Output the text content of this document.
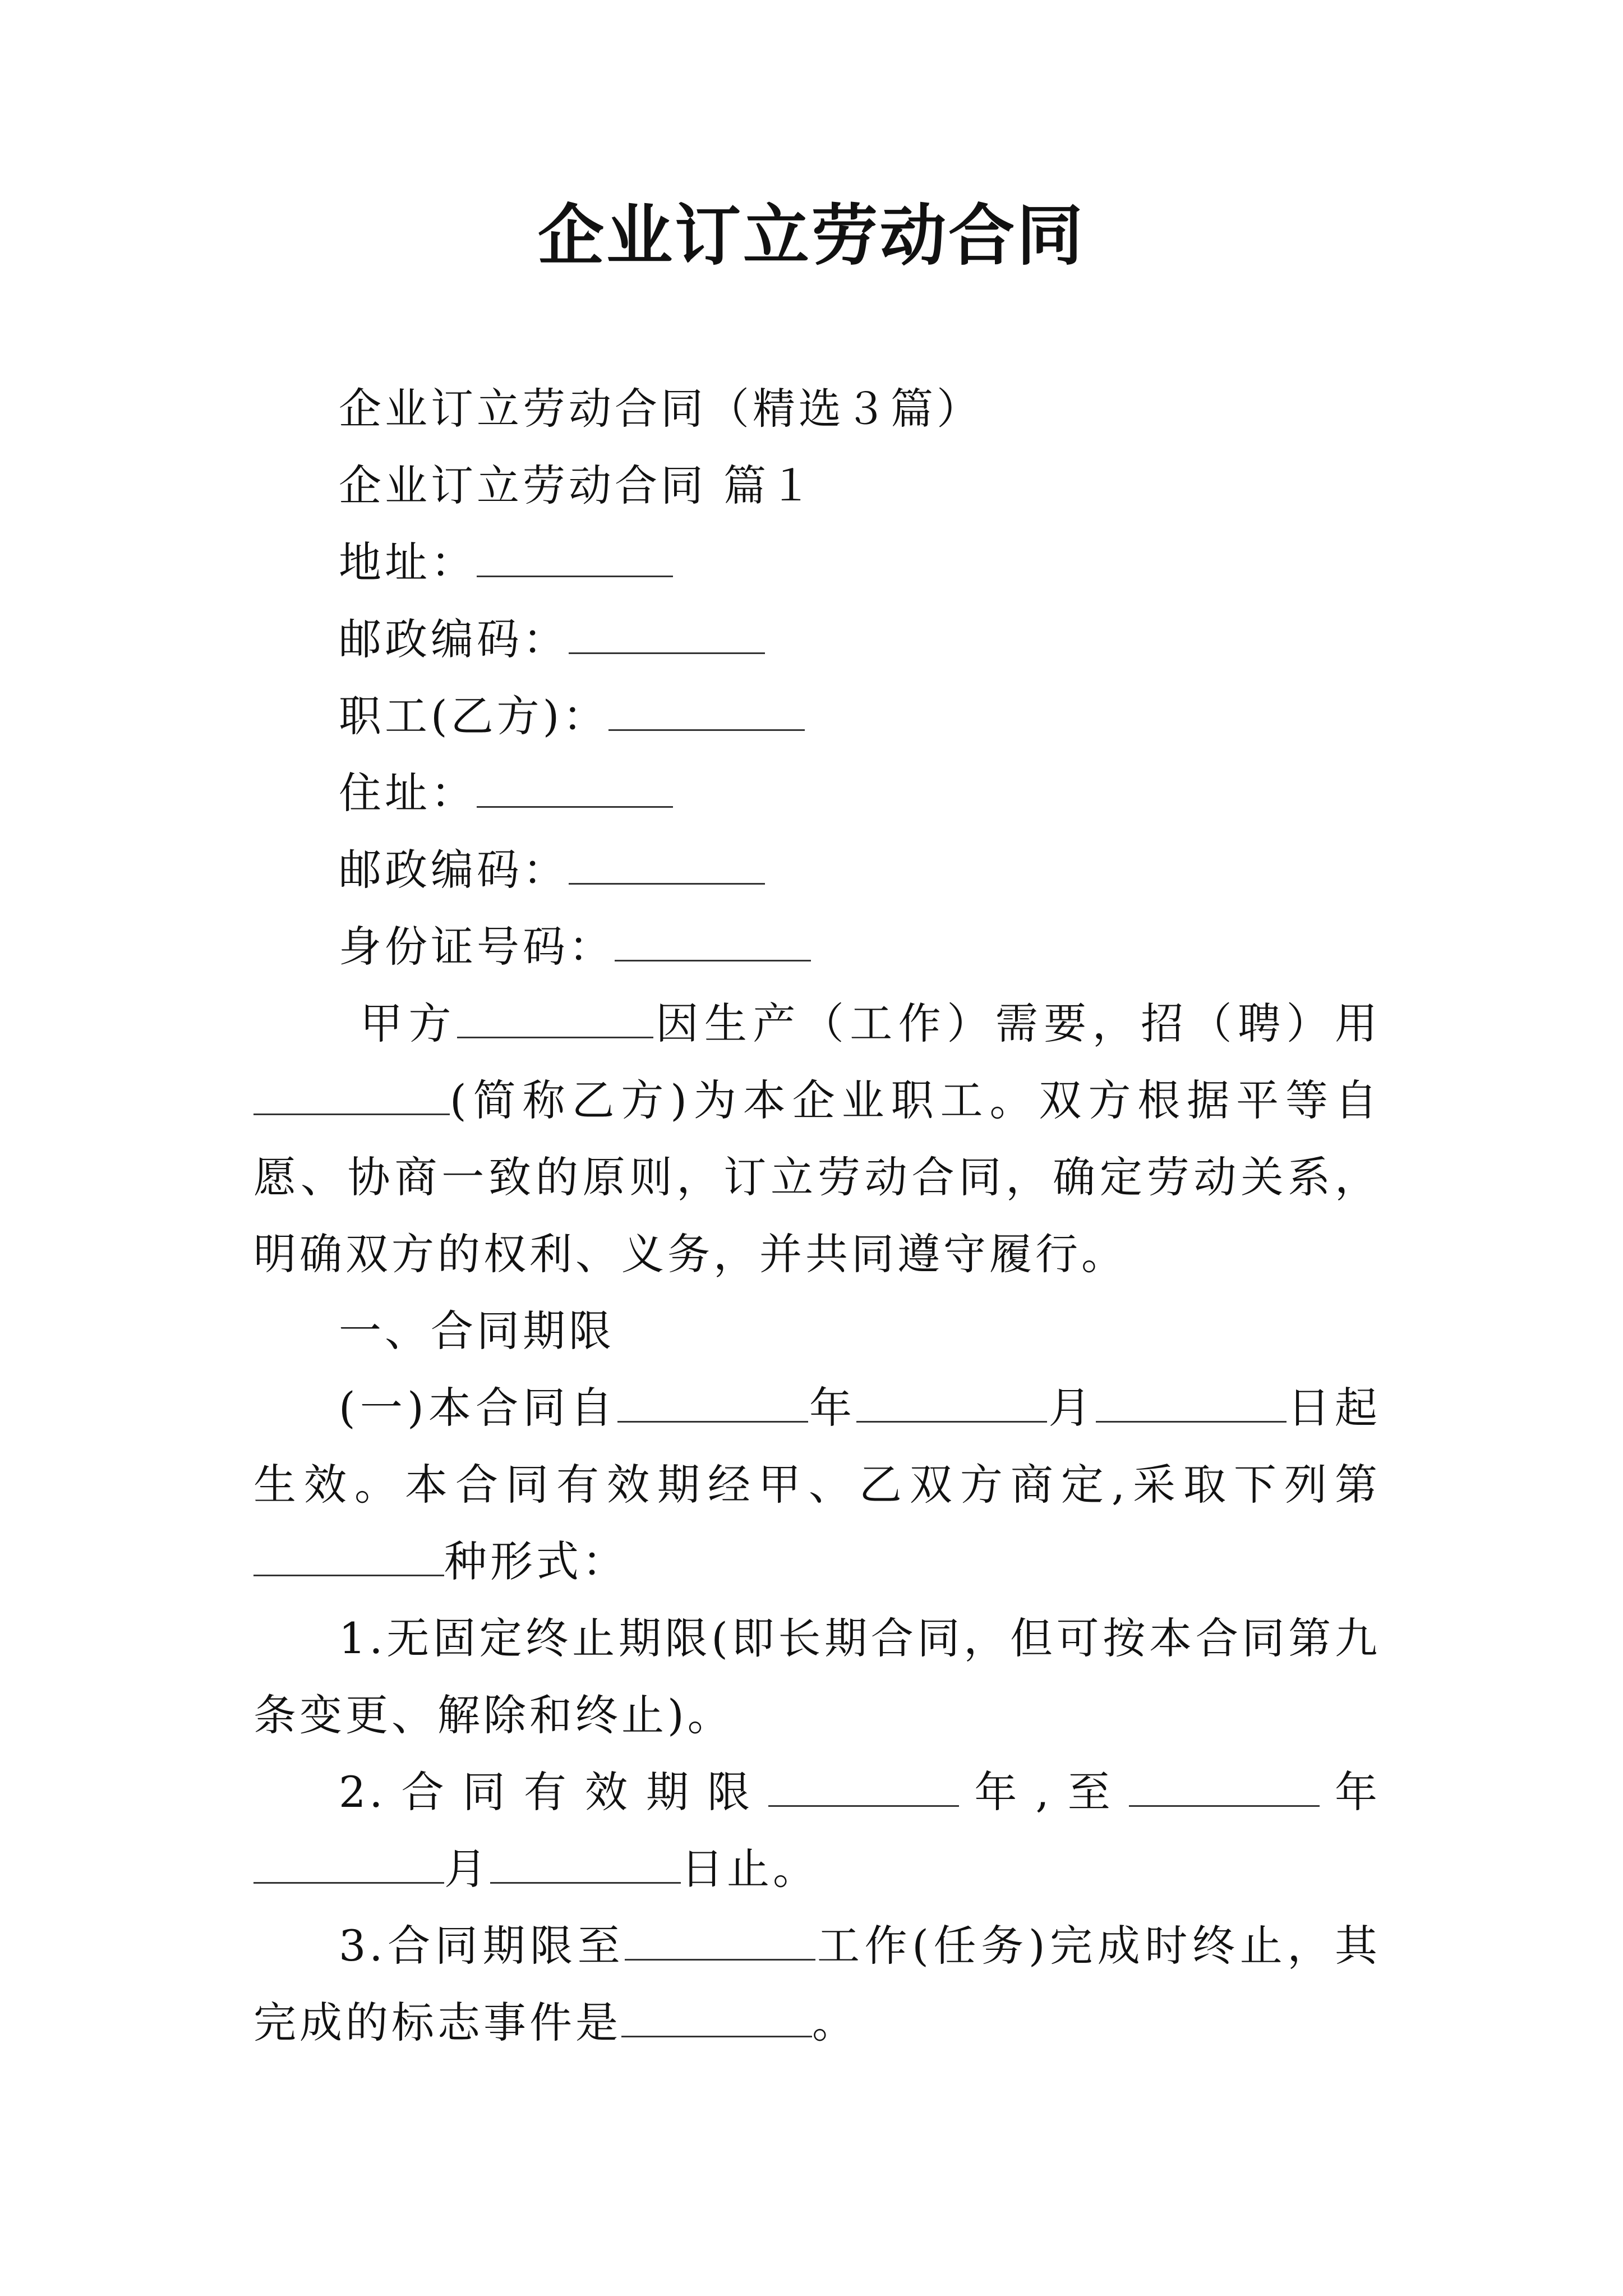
企业订立劳动合同

企业订立劳动合同（精选３篇）

企业订立劳动合同 篇１

地址：

邮政编码：

职工(乙方)：

住址：

邮政编码：

身份证号码：

甲方	因生产（工作）需要，招（聘）用(简称乙方)为本企业职工。双方根据平等自愿、协商一致的原则，订立劳动合同，确定劳动关系，明确双方的权利、义务，并共同遵守履行。

一、合同期限

(一)本合同自	年	月	日起生效。本合同有效期经甲、乙双方商定,采取下列第种形式：

1.无固定终止期限(即长期合同，但可按本合同第九条变更、解除和终止)。

2.合同有效期限	年,至	年月	日止。

3.合同期限至	工作(任务)完成时终止，其完成的标志事件是	。
